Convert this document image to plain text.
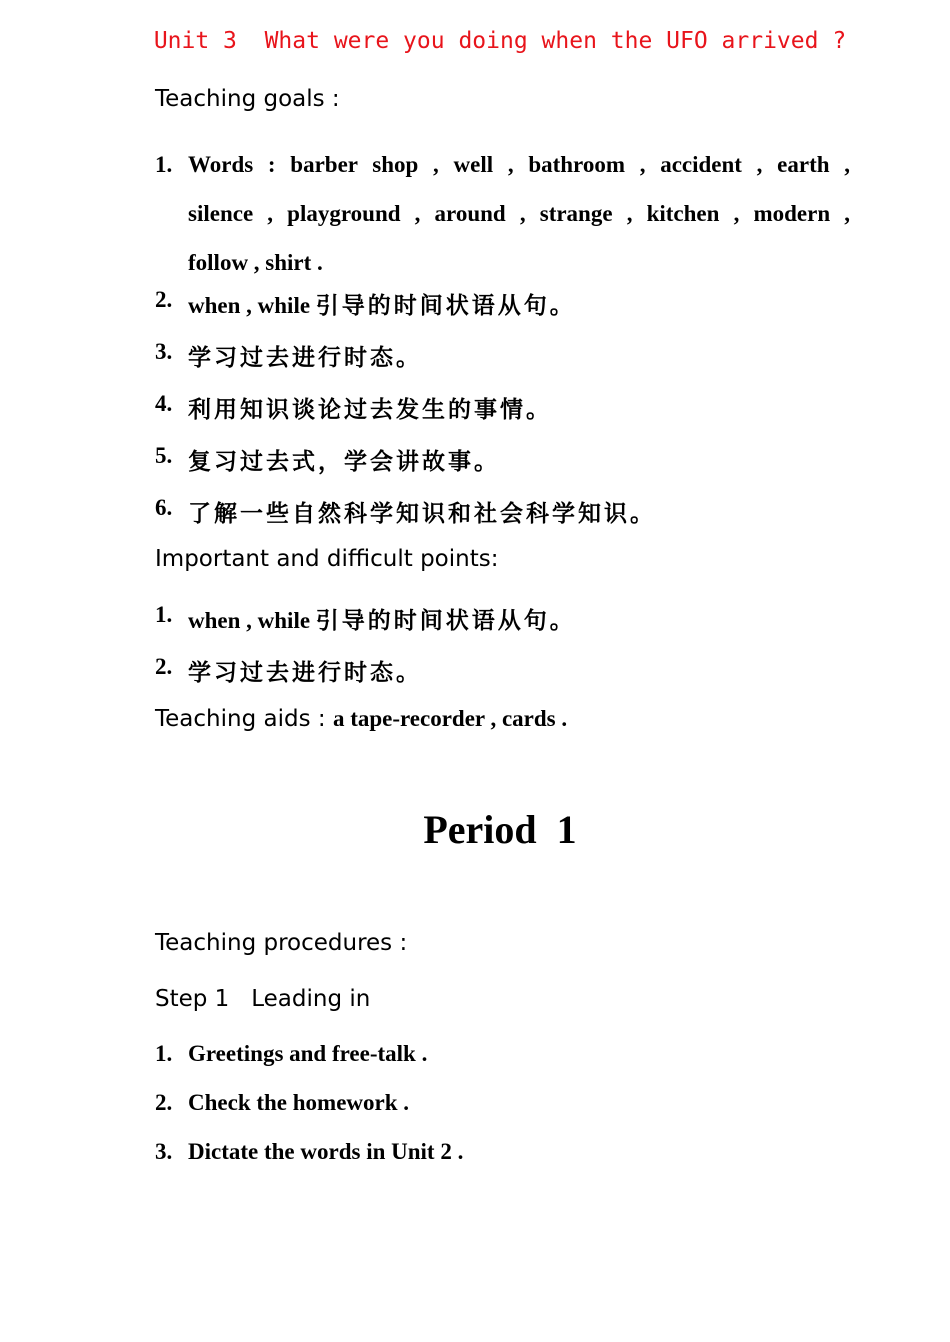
Unit 3  What were you doing when the UFO arrived ?
Teaching goals :
1. Words : barber shop , well , bathroom , accident , earth ,
silence , playground , around , strange , kitchen , modern ,
follow , shirt .
2. when , while 引导的时间状语从句。
3. 学习过去进行时态。
4. 利用知识谈论过去发生的事情。
5. 复习过去式，学会讲故事。
6. 了解一些自然科学知识和社会科学知识。
Important and difficult points:
1. when , while 引导的时间状语从句。
2. 学习过去进行时态。
Teaching aids : a tape-recorder , cards .
Period  1
Teaching procedures :
Step 1   Leading in
1. Greetings and free-talk .
2. Check the homework .
3. Dictate the words in Unit 2 .
